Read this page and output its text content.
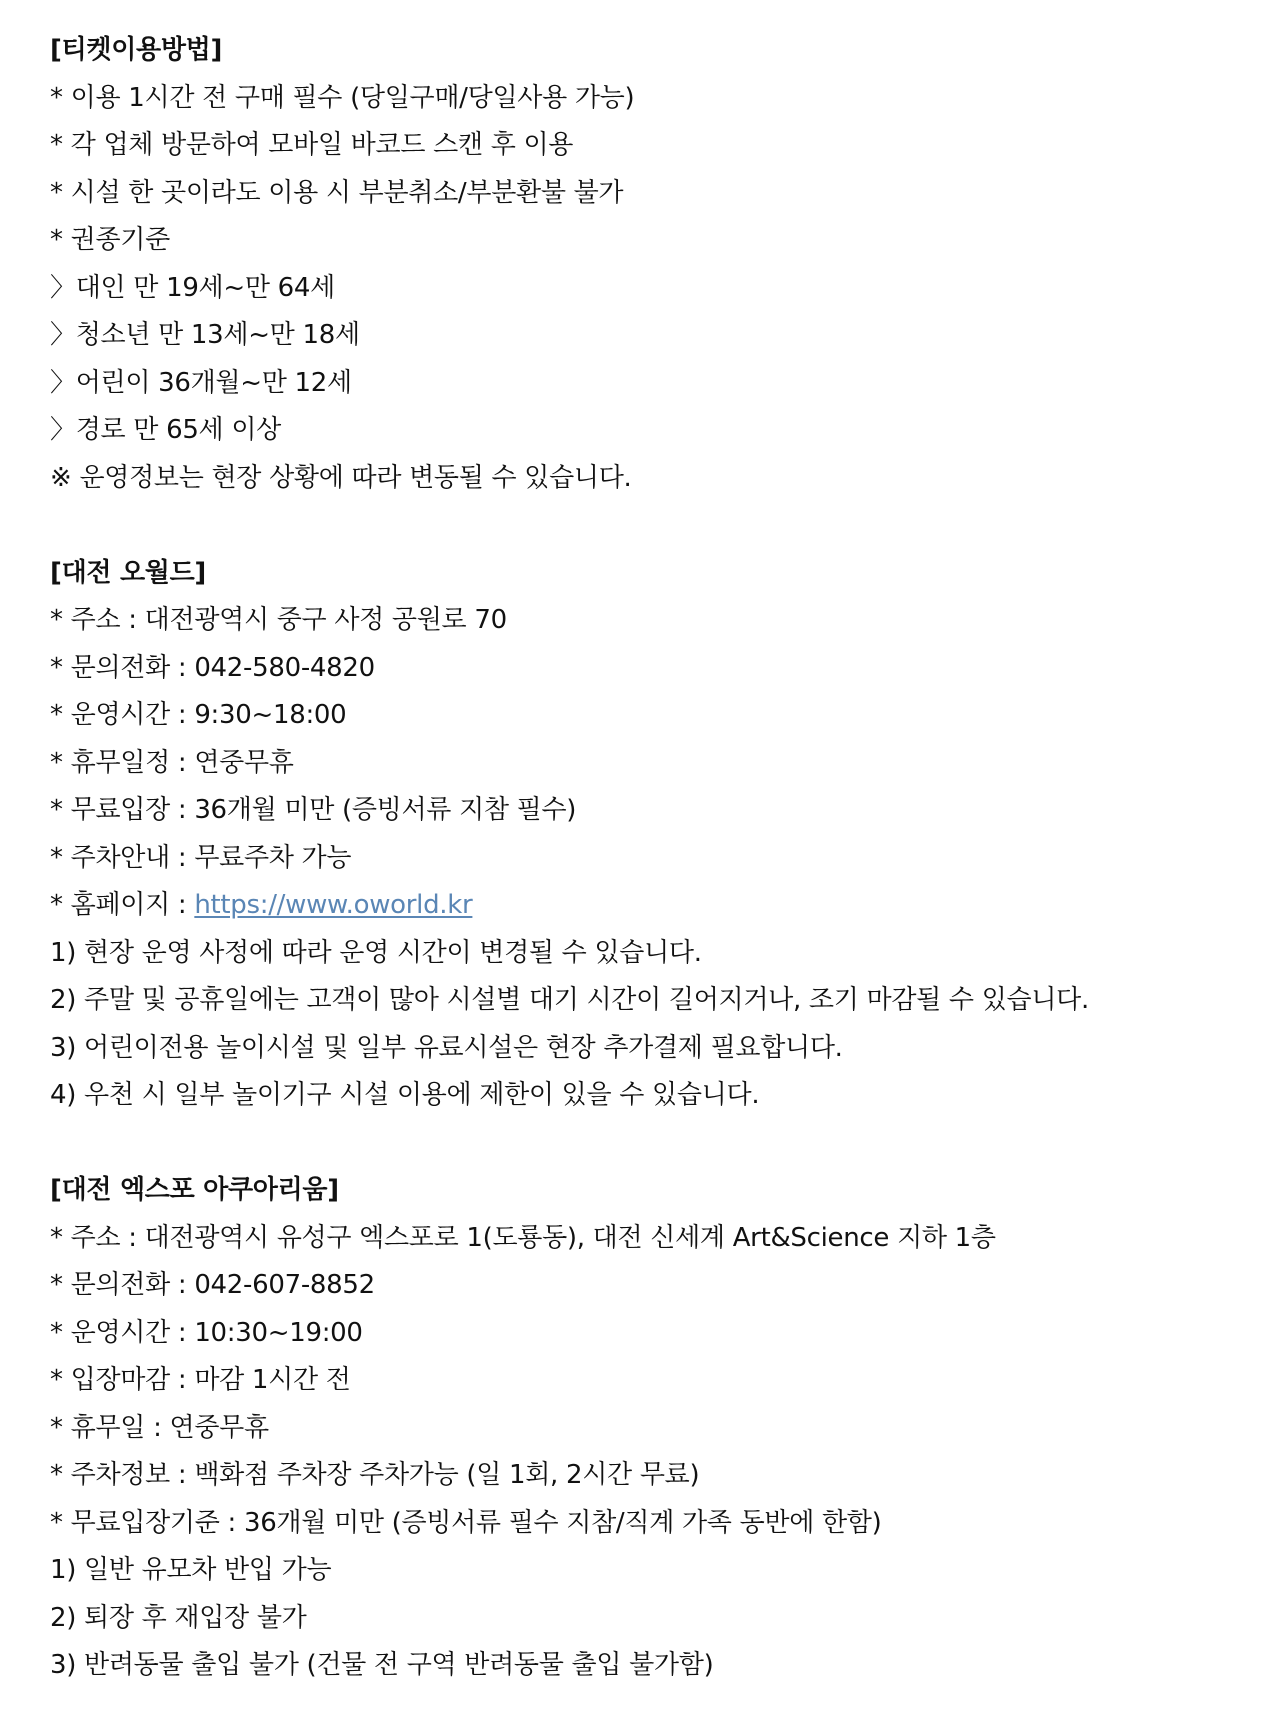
[티켓이용방법]
* 이용 1시간 전 구매 필수 (당일구매/당일사용 가능)
* 각 업체 방문하여 모바일 바코드 스캔 후 이용
* 시설 한 곳이라도 이용 시 부분취소/부분환불 불가
* 권종기준
〉대인 만 19세~만 64세
〉청소년 만 13세~만 18세
〉어린이 36개월~만 12세
〉경로 만 65세 이상
※ 운영정보는 현장 상황에 따라 변동될 수 있습니다.
[대전 오월드]
* 주소 : 대전광역시 중구 사정 공원로 70
* 문의전화 : 042-580-4820
* 운영시간 : 9:30~18:00
* 휴무일정 : 연중무휴
* 무료입장 : 36개월 미만 (증빙서류 지참 필수)
* 주차안내 : 무료주차 가능
* 홈페이지 : https://www.oworld.kr
1) 현장 운영 사정에 따라 운영 시간이 변경될 수 있습니다.
2) 주말 및 공휴일에는 고객이 많아 시설별 대기 시간이 길어지거나, 조기 마감될 수 있습니다.
3) 어린이전용 놀이시설 및 일부 유료시설은 현장 추가결제 필요합니다.
4) 우천 시 일부 놀이기구 시설 이용에 제한이 있을 수 있습니다.
[대전 엑스포 아쿠아리움]
* 주소 : 대전광역시 유성구 엑스포로 1(도룡동), 대전 신세계 Art&Science 지하 1층
* 문의전화 : 042-607-8852
* 운영시간 : 10:30~19:00
* 입장마감 : 마감 1시간 전
* 휴무일 : 연중무휴
* 주차정보 : 백화점 주차장 주차가능 (일 1회, 2시간 무료)
* 무료입장기준 : 36개월 미만 (증빙서류 필수 지참/직계 가족 동반에 한함)
1) 일반 유모차 반입 가능
2) 퇴장 후 재입장 불가
3) 반려동물 출입 불가 (건물 전 구역 반려동물 출입 불가함)
